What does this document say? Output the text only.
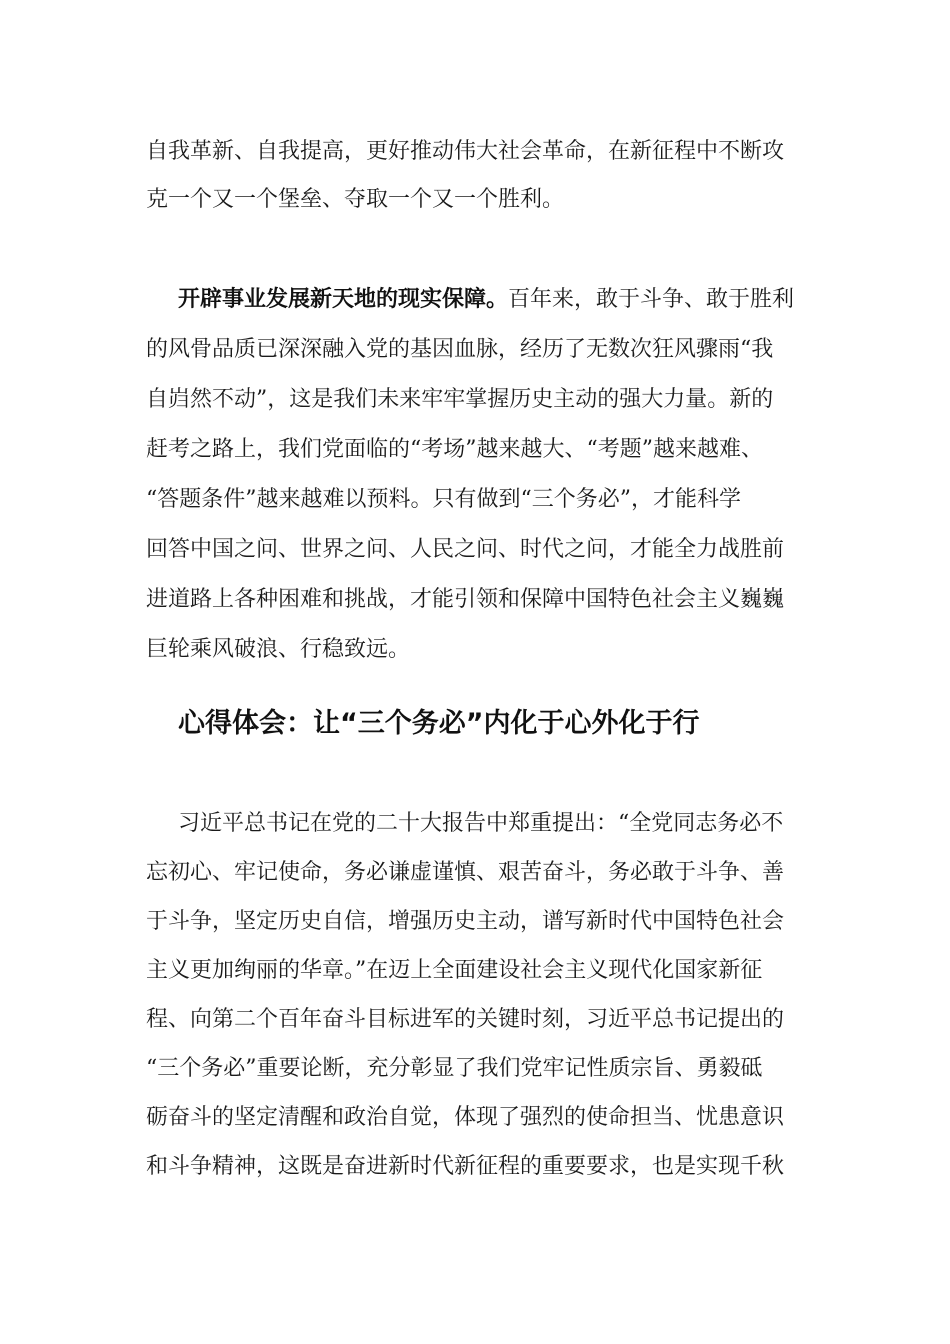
自我革新、自我提高，更好推动伟大社会革命，在新征程中不断攻
克一个又一个堡垒、夺取一个又一个胜利。
开辟事业发展新天地的现实保障。百年来，敢于斗争、敢于胜利
的风骨品质已深深融入党的基因血脉，经历了无数次狂风骤雨“我
自岿然不动”，这是我们未来牢牢掌握历史主动的强大力量。新的
赶考之路上，我们党面临的“考场”越来越大、“考题”越来越难、
“答题条件”越来越难以预料。只有做到“三个务必”，才能科学
回答中国之问、世界之问、人民之问、时代之问，才能全力战胜前
进道路上各种困难和挑战，才能引领和保障中国特色社会主义巍巍
巨轮乘风破浪、行稳致远。
心得体会：让“三个务必”内化于心外化于行
习近平总书记在党的二十大报告中郑重提出：“全党同志务必不
忘初心、牢记使命，务必谦虚谨慎、艰苦奋斗，务必敢于斗争、善
于斗争，坚定历史自信，增强历史主动，谱写新时代中国特色社会
主义更加绚丽的华章。”在迈上全面建设社会主义现代化国家新征
程、向第二个百年奋斗目标进军的关键时刻，习近平总书记提出的
“三个务必”重要论断，充分彰显了我们党牢记性质宗旨、勇毅砥
砺奋斗的坚定清醒和政治自觉，体现了强烈的使命担当、忧患意识
和斗争精神，这既是奋进新时代新征程的重要要求，也是实现千秋
